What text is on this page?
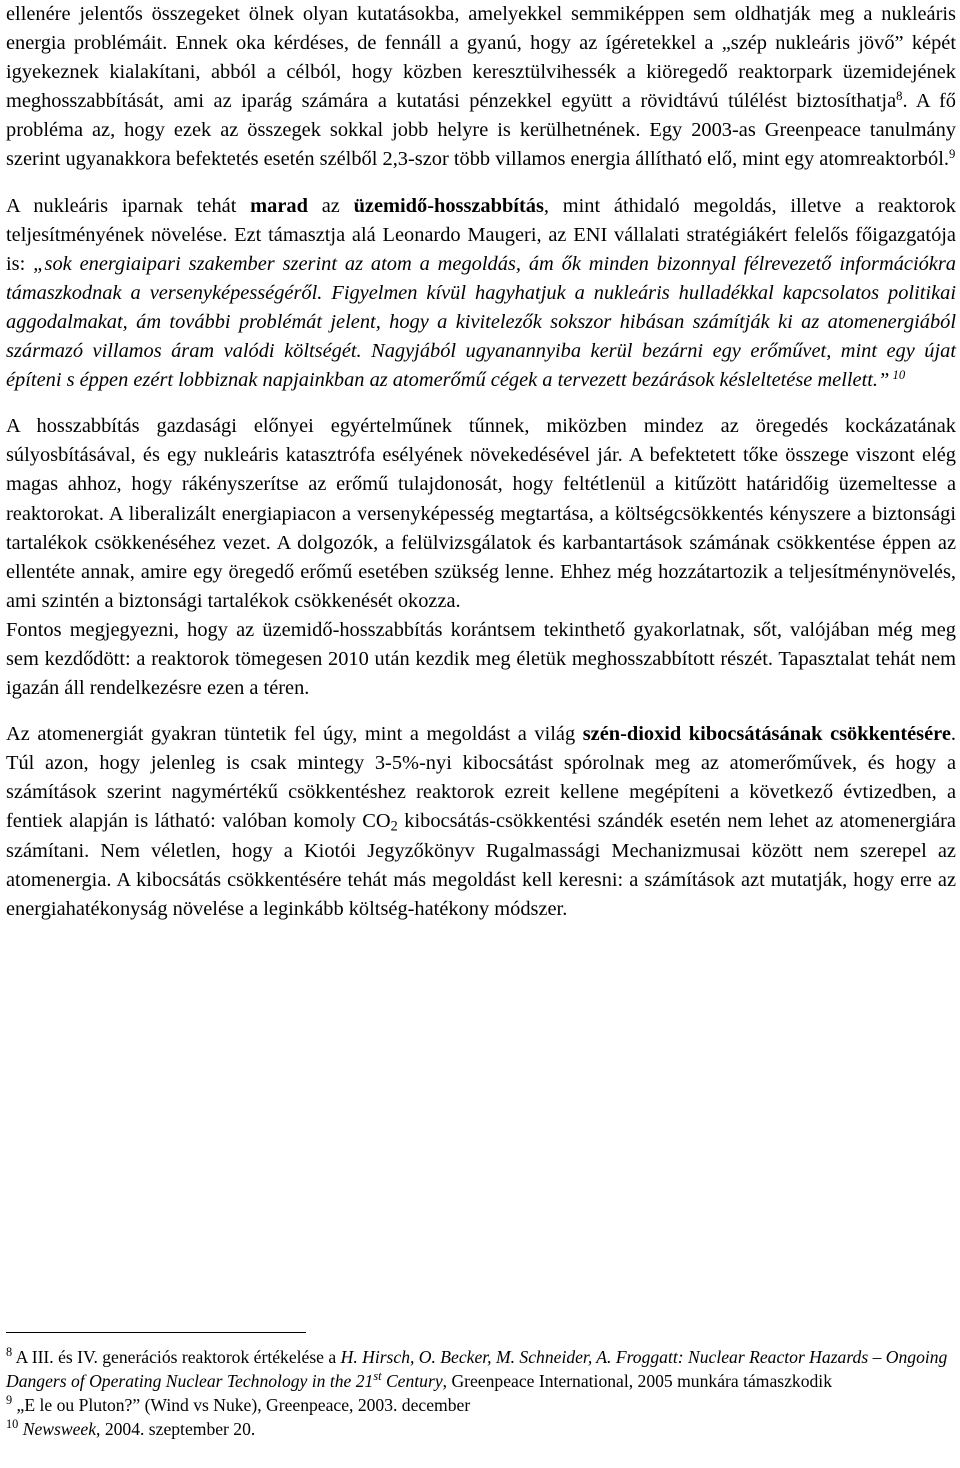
ellenére jelentős összegeket ölnek olyan kutatásokba, amelyekkel semmiképpen sem oldhatják meg a nukleáris energia problémáit. Ennek oka kérdéses, de fennáll a gyanú, hogy az ígéretekkel a „szép nukleáris jövő” képét igyekeznek kialakítani, abból a célból, hogy közben keresztülvihessék a kiöregedő reaktorpark üzemidejének meghosszabbítását, ami az iparág számára a kutatási pénzekkel együtt a rövidtávú túlélést biztosíthatja$^8$. A fő probléma az, hogy ezek az összegek sokkal jobb helyre is kerülhetnének. Egy 2003-as Greenpeace tanulmány szerint ugyanakkora befektetés esetén szélből 2,3-szor több villamos energia állítható elő, mint egy atomreaktorból.$^9$

A nukleáris iparnak tehát marad az üzemidő-hosszabbítás, mint áthidaló megoldás, illetve a reaktorok teljesítményének növelése. Ezt támasztja alá Leonardo Maugeri, az ENI vállalati stratégiákért felelős főigazgatója is: „sok energiaipari szakember szerint az atom a megoldás, ám ők minden bizonnyal félrevezető információkra támaszkodnak a versenyképességéről. Figyelmen kívül hagyhatjuk a nukleáris hulladékkal kapcsolatos politikai aggodalmakat, ám további problémát jelent, hogy a kivitelezők sokszor hibásan számítják ki az atomenergiából származó villamos áram valódi költségét. Nagyjából ugyanannyiba kerül bezárni egy erőművet, mint egy újat építeni s éppen ezért lobbiznak napjainkban az atomerőmű cégek a tervezett bezárások késleltetése mellett.” $^{10}$

A hosszabbítás gazdasági előnyei egyértelműnek tűnnek, miközben mindez az öregedés kockázatának súlyosbításával, és egy nukleáris katasztrófa esélyének növekedésével jár. A befektetett tőke összege viszont elég magas ahhoz, hogy rákényszerítse az erőmű tulajdonosát, hogy feltétlenül a kitűzött határidőig üzemeltesse a reaktorokat. A liberalizált energiapiacon a versenyképesség megtartása, a költségcsökkentés kényszere a biztonsági tartalékok csökkenéséhez vezet. A dolgozók, a felülvizsgálatok és karbantartások számának csökkentése éppen az ellentéte annak, amire egy öregedő erőmű esetében szükség lenne. Ehhez még hozzátartozik a teljesítménynövelés, ami szintén a biztonsági tartalékok csökkenését okozza.

Fontos megjegyezni, hogy az üzemidő-hosszabbítás korántsem tekinthető gyakorlatnak, sőt, valójában még meg sem kezdődött: a reaktorok tömegesen 2010 után kezdik meg életük meghosszabbított részét. Tapasztalat tehát nem igazán áll rendelkezésre ezen a téren.

Az atomenergiát gyakran tüntetik fel úgy, mint a megoldást a világ szén-dioxid kibocsátásának csökkentésére. Túl azon, hogy jelenleg is csak mintegy 3-5%-nyi kibocsátást spórolnak meg az atomerőművek, és hogy a számítások szerint nagymértékű csökkentéshez reaktorok ezreit kellene megépíteni a következő évtizedben, a fentiek alapján is látható: valóban komoly $CO_2$ kibocsátás-csökkentési szándék esetén nem lehet az atomenergiára számítani. Nem véletlen, hogy a Kiotói Jegyzőkönyv Rugalmassági Mechanizmusai között nem szerepel az atomenergia. A kibocsátás csökkentésére tehát más megoldást kell keresni: a számítások azt mutatják, hogy erre az energiahatékonyság növelése a leginkább költség-hatékony módszer.

$^8$ A III. és IV. generációs reaktorok értékelése a H. Hirsch, O. Becker, M. Schneider, A. Froggatt: Nuclear Reactor Hazards – Ongoing Dangers of Operating Nuclear Technology in the 21st Century, Greenpeace International, 2005 munkára támaszkodik

$^9$ „E le ou Pluton?” (Wind vs Nuke), Greenpeace, 2003. december

$^{10}$ Newsweek, 2004. szeptember 20.
